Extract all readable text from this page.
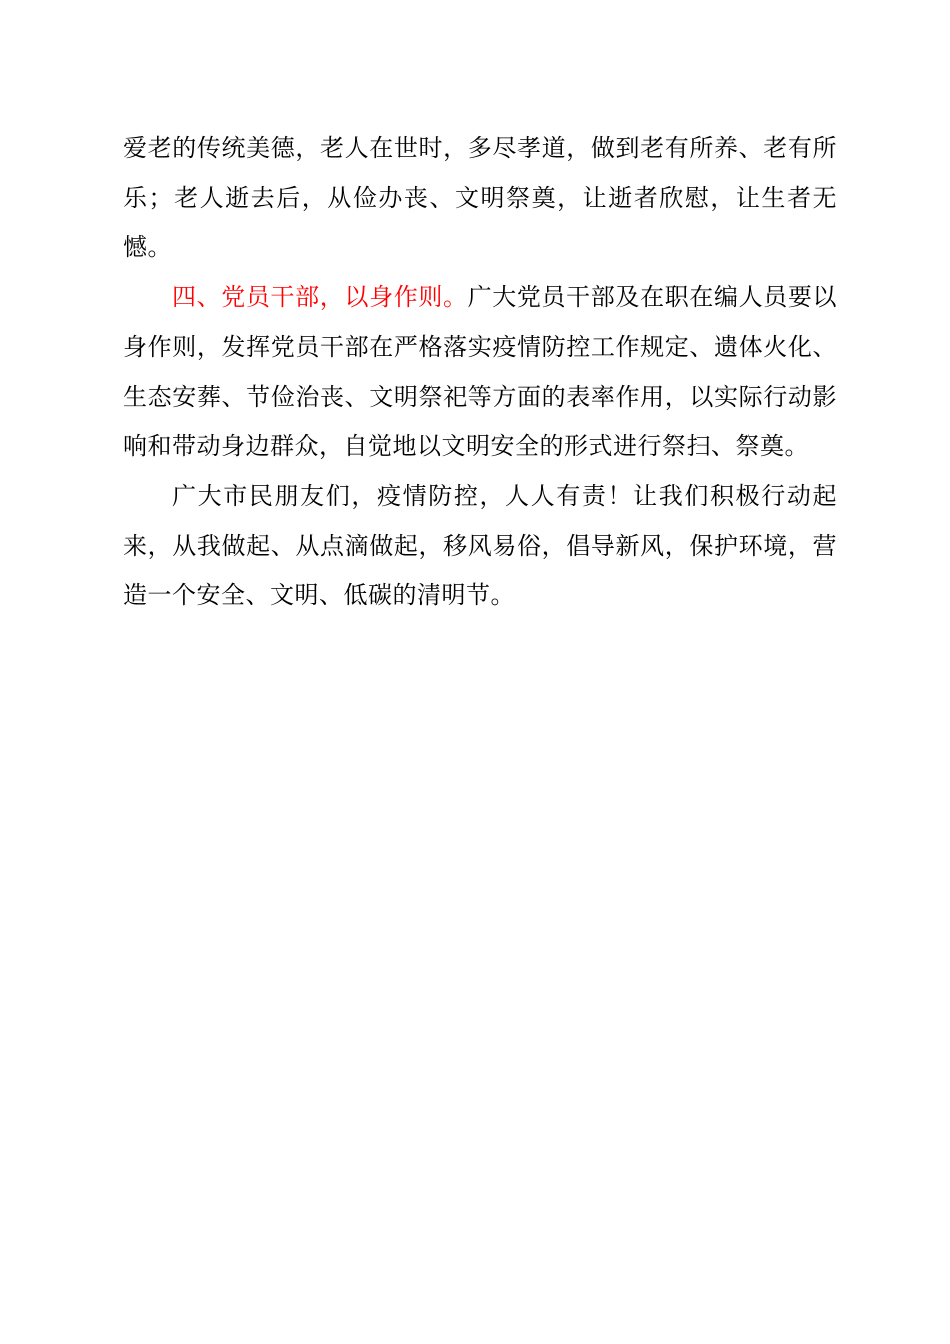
爱老的传统美德，老人在世时，多尽孝道，做到老有所养、老有所乐；老人逝去后，从俭办丧、文明祭奠，让逝者欣慰，让生者无憾。

四、党员干部，以身作则。广大党员干部及在职在编人员要以身作则，发挥党员干部在严格落实疫情防控工作规定、遗体火化、生态安葬、节俭治丧、文明祭祀等方面的表率作用，以实际行动影响和带动身边群众，自觉地以文明安全的形式进行祭扫、祭奠。

广大市民朋友们，疫情防控，人人有责！让我们积极行动起来，从我做起、从点滴做起，移风易俗，倡导新风，保护环境，营造一个安全、文明、低碳的清明节。
